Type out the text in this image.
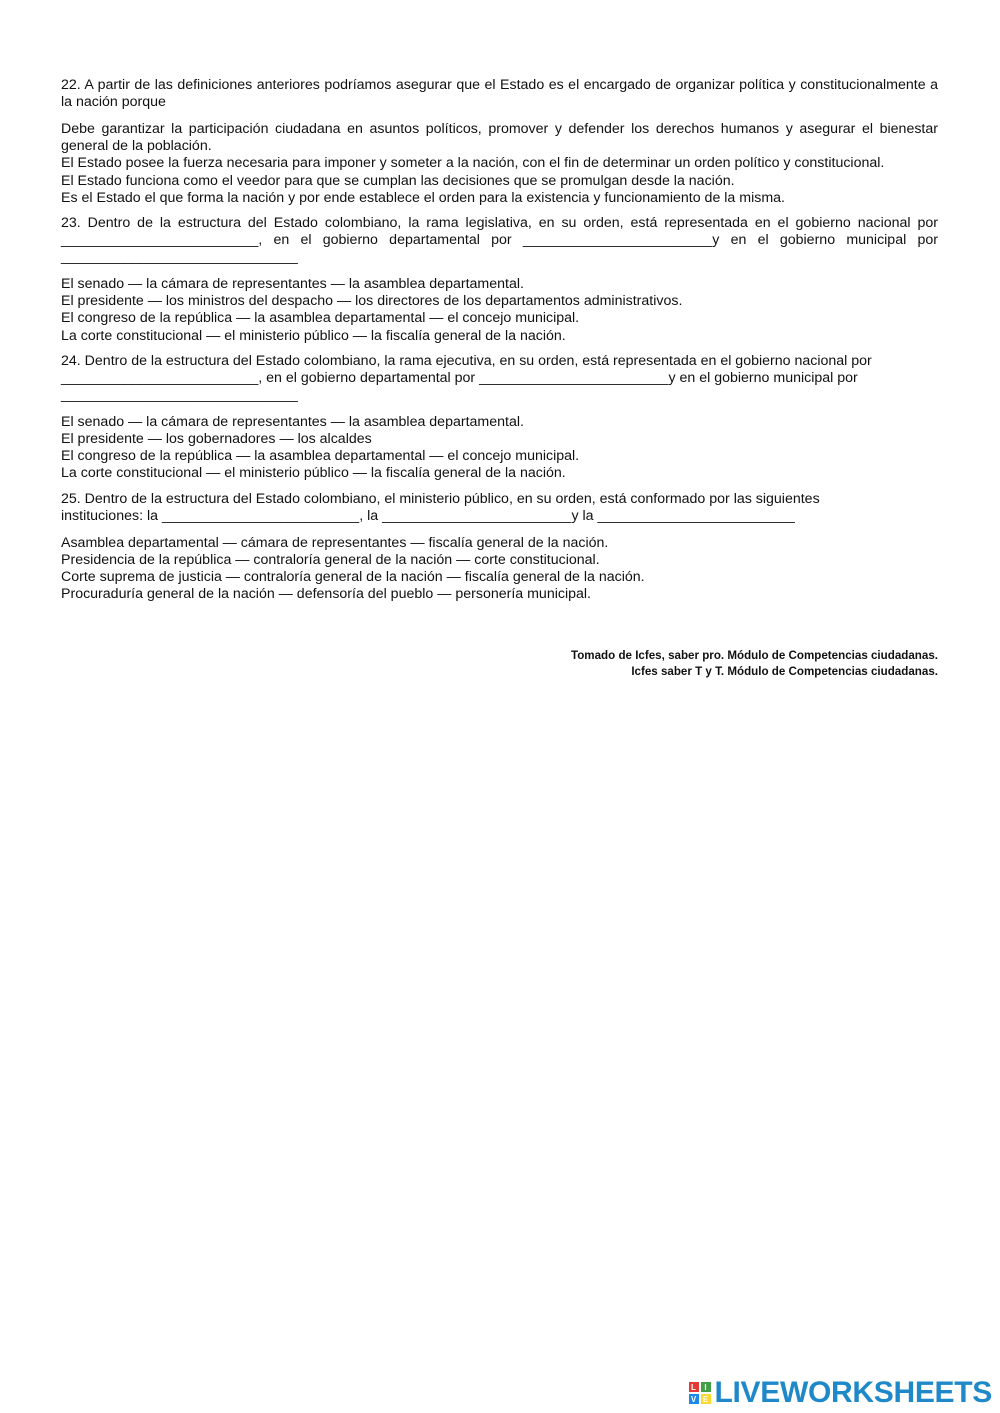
22. A partir de las definiciones anteriores podríamos asegurar que el Estado es el encargado de organizar política y constitucionalmente a la nación porque

Debe garantizar la participación ciudadana en asuntos políticos, promover y defender los derechos humanos y asegurar el bienestar general de la población.
El Estado posee la fuerza necesaria para imponer y someter a la nación, con el fin de determinar un orden político y constitucional.
El Estado funciona como el veedor para que se cumplan las decisiones que se promulgan desde la nación.
Es el Estado el que forma la nación y por ende establece el orden para la existencia y funcionamiento de la misma.

23. Dentro de la estructura del Estado colombiano, la rama legislativa, en su orden, está representada en el gobierno nacional por

_________________________, en el gobierno departamental por ________________________y en el gobierno municipal por

______________________________

El senado — la cámara de representantes — la asamblea departamental.
El presidente — los ministros del despacho — los directores de los departamentos administrativos.
El congreso de la república — la asamblea departamental — el concejo municipal.
La corte constitucional — el ministerio público — la fiscalía general de la nación.

24. Dentro de la estructura del Estado colombiano, la rama ejecutiva, en su orden, está representada en el gobierno nacional por

_________________________, en el gobierno departamental por ________________________y en el gobierno municipal por

______________________________

El senado — la cámara de representantes — la asamblea departamental.
El presidente — los gobernadores — los alcaldes
El congreso de la república — la asamblea departamental — el concejo municipal.
La corte constitucional — el ministerio público — la fiscalía general de la nación.

25. Dentro de la estructura del Estado colombiano, el ministerio público, en su orden, está conformado por las siguientes

instituciones: la _________________________, la ________________________y la _________________________

Asamblea departamental — cámara de representantes — fiscalía general de la nación.
Presidencia de la república — contraloría general de la nación — corte constitucional.
Corte suprema de justicia — contraloría general de la nación — fiscalía general de la nación.
Procuraduría general de la nación — defensoría del pueblo — personería municipal.
Tomado de Icfes, saber pro. Módulo de Competencias ciudadanas.
Icfes saber T y T. Módulo de Competencias ciudadanas.
L	I
V E LIVEWORKSHEETS
